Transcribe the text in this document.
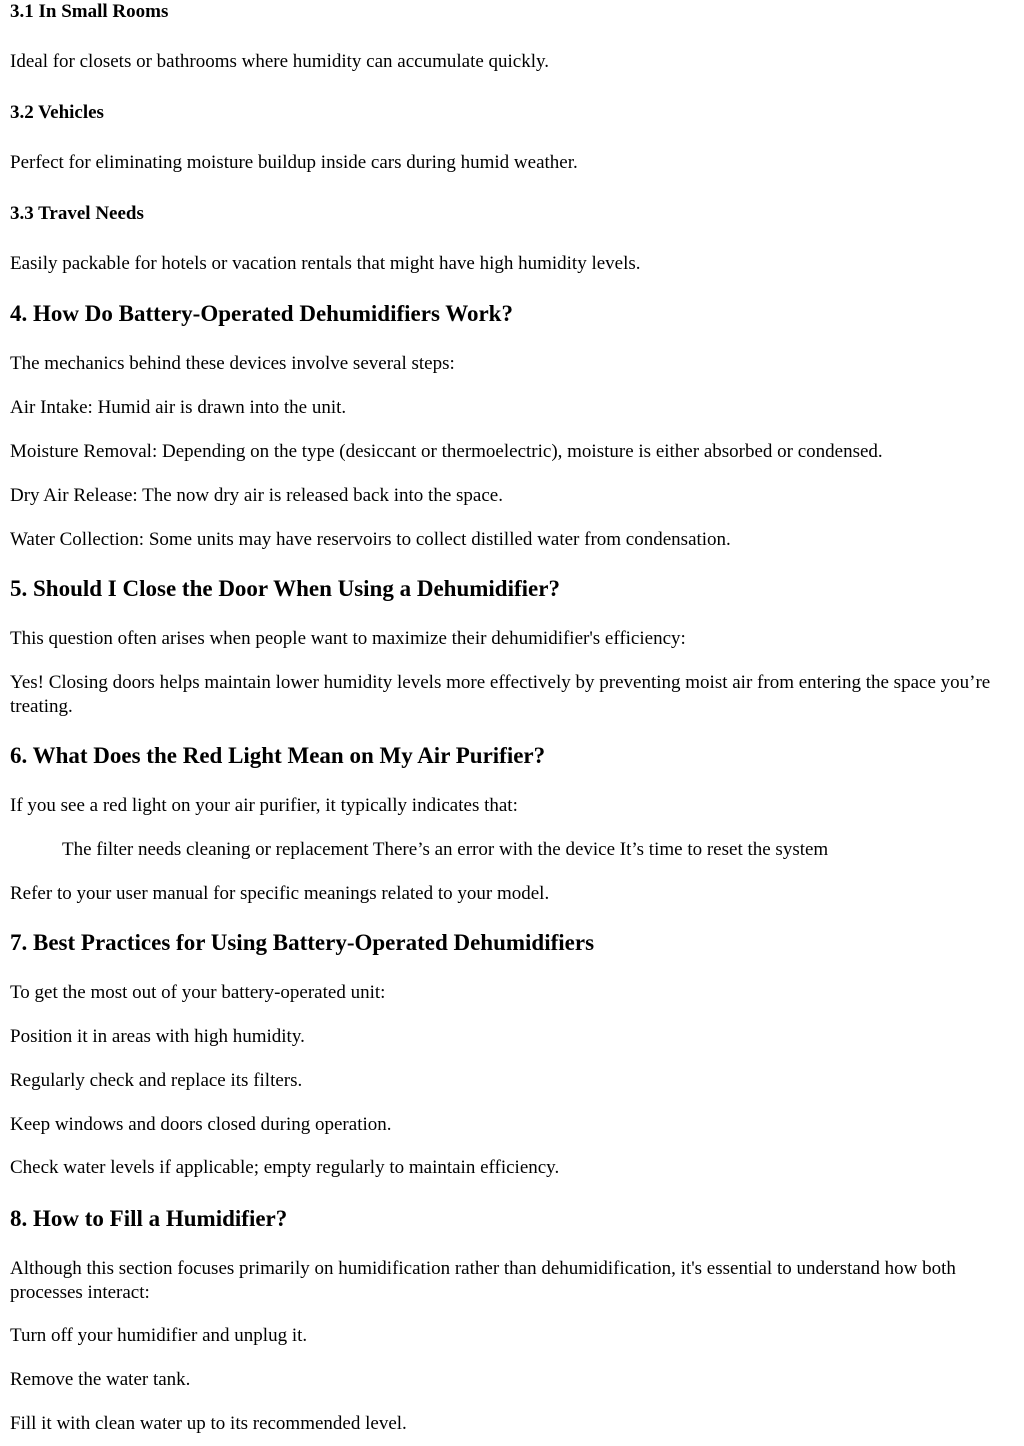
3.1 In Small Rooms
Ideal for closets or bathrooms where humidity can accumulate quickly.
3.2 Vehicles
Perfect for eliminating moisture buildup inside cars during humid weather.
3.3 Travel Needs
Easily packable for hotels or vacation rentals that might have high humidity levels.
4. How Do Battery-Operated Dehumidifiers Work?
The mechanics behind these devices involve several steps:
Air Intake: Humid air is drawn into the unit.
Moisture Removal: Depending on the type (desiccant or thermoelectric), moisture is either absorbed or condensed.
Dry Air Release: The now dry air is released back into the space.
Water Collection: Some units may have reservoirs to collect distilled water from condensation.
5. Should I Close the Door When Using a Dehumidifier?
This question often arises when people want to maximize their dehumidifier's efficiency:
Yes! Closing doors helps maintain lower humidity levels more effectively by preventing moist air from entering the space you’re treating.
6. What Does the Red Light Mean on My Air Purifier?
If you see a red light on your air purifier, it typically indicates that:
The filter needs cleaning or replacement There’s an error with the device It’s time to reset the system
Refer to your user manual for specific meanings related to your model.
7. Best Practices for Using Battery-Operated Dehumidifiers
To get the most out of your battery-operated unit:
Position it in areas with high humidity.
Regularly check and replace its filters.
Keep windows and doors closed during operation.
Check water levels if applicable; empty regularly to maintain efficiency.
8. How to Fill a Humidifier?
Although this section focuses primarily on humidification rather than dehumidification, it's essential to understand how both processes interact:
Turn off your humidifier and unplug it.
Remove the water tank.
Fill it with clean water up to its recommended level.
